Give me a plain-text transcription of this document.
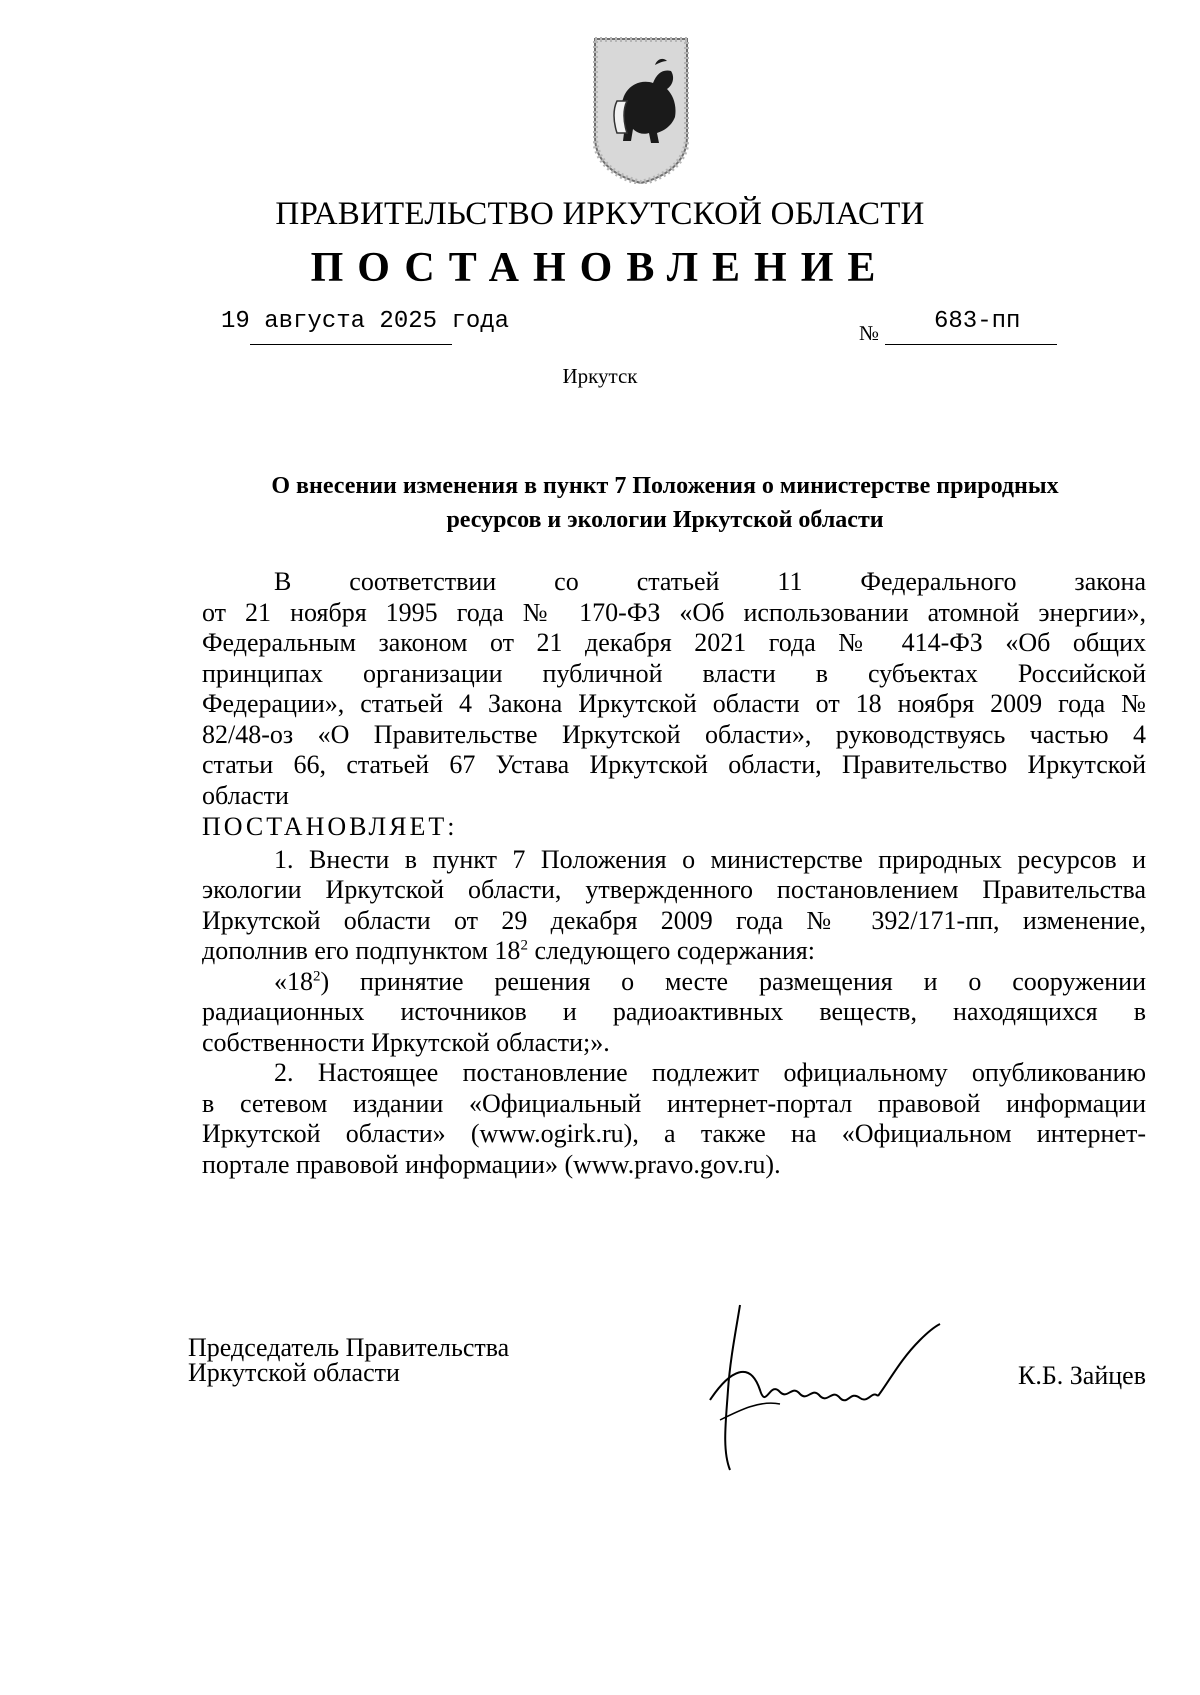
ПРАВИТЕЛЬСТВО ИРКУТСКОЙ ОБЛАСТИ
ПОСТАНОВЛЕНИЕ
19 августа 2025 года	№ 683-пп
Иркутск
О внесении изменения в пункт 7 Положения о министерстве природных
ресурсов и экологии Иркутской области

В соответствии со статьей 11 Федерального закона

от 21 ноября 1995 года № 170-ФЗ «Об использовании атомной энергии»,

Федеральным законом от 21 декабря 2021 года № 414-ФЗ «Об общих

принципах организации публичной власти в субъектах Российской

Федерации», статьей 4 Закона Иркутской области от 18 ноября 2009 года №

82/48-оз «О Правительстве Иркутской области», руководствуясь частью 4

статьи 66, статьей 67 Устава Иркутской области, Правительство Иркутской

области

ПОСТАНОВЛЯЕТ:

1. Внести в пункт 7 Положения о министерстве природных ресурсов и

экологии Иркутской области, утвержденного постановлением Правительства

Иркутской области от 29 декабря 2009 года № 392/171-пп, изменение,

дополнив его подпунктом $18^2$ следующего содержания:

«$18^2$) принятие решения о месте размещения и о сооружении

радиационных источников и радиоактивных веществ, находящихся в

собственности Иркутской области;».

2. Настоящее постановление подлежит официальному опубликованию

в сетевом издании «Официальный интернет-портал правовой информации

Иркутской области» (www.ogirk.ru), а также на «Официальном интернет-

портале правовой информации» (www.pravo.gov.ru).

Председатель Правительства
Иркутской области	К.Б. Зайцев
